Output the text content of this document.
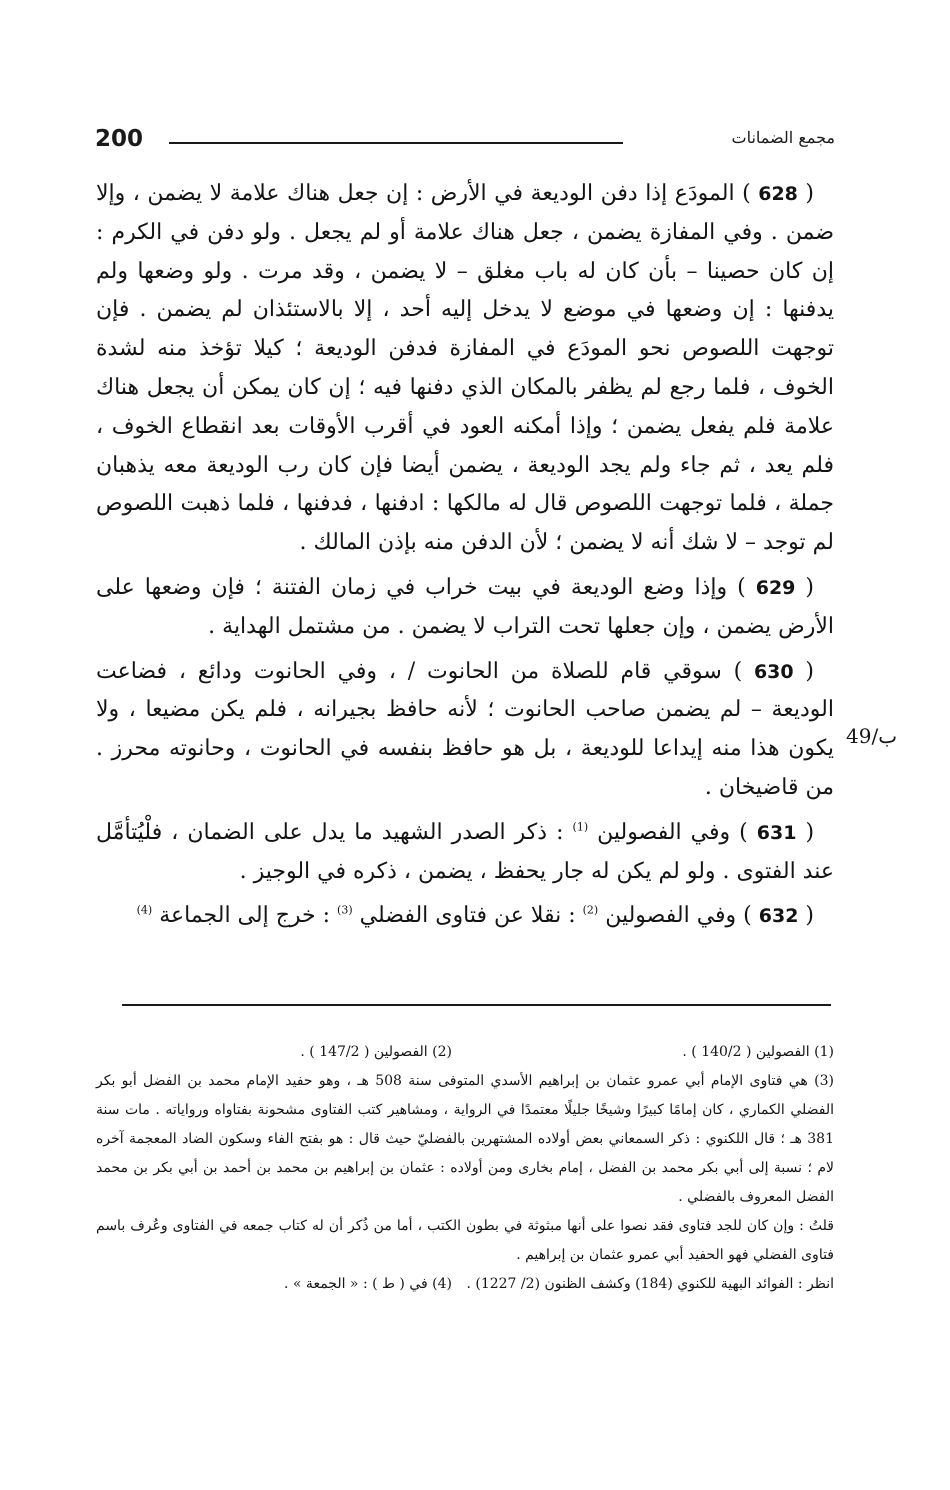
200	مجمع الضمانات

( 628 ) المودَع إذا دفن الوديعة في الأرض : إن جعل هناك علامة لا يضمن ، وإلا ضمن . وفي المفازة يضمن ، جعل هناك علامة أو لم يجعل . ولو دفن في الكرم : إن كان حصينا – بأن كان له باب مغلق – لا يضمن ، وقد مرت . ولو وضعها ولم يدفنها : إن وضعها في موضع لا يدخل إليه أحد ، إلا بالاستئذان لم يضمن . فإن توجهت اللصوص نحو المودَع في المفازة فدفن الوديعة ؛ كيلا تؤخذ منه لشدة الخوف ، فلما رجع لم يظفر بالمكان الذي دفنها فيه ؛ إن كان يمكن أن يجعل هناك علامة فلم يفعل يضمن ؛ وإذا أمكنه العود في أقرب الأوقات بعد انقطاع الخوف ، فلم يعد ، ثم جاء ولم يجد الوديعة ، يضمن أيضا فإن كان رب الوديعة معه يذهبان جملة ، فلما توجهت اللصوص قال له مالكها : ادفنها ، فدفنها ، فلما ذهبت اللصوص لم توجد – لا شك أنه لا يضمن ؛ لأن الدفن منه بإذن المالك .

( 629 ) وإذا وضع الوديعة في بيت خراب في زمان الفتنة ؛ فإن وضعها على الأرض يضمن ، وإن جعلها تحت التراب لا يضمن . من مشتمل الهداية .

( 630 ) سوقي قام للصلاة من الحانوت / ، وفي الحانوت ودائع ، فضاعت الوديعة – لم يضمن صاحب الحانوت ؛ لأنه حافظ بجيرانه ، فلم يكن مضيعا ، ولا يكون هذا منه إيداعا للوديعة ، بل هو حافظ بنفسه في الحانوت ، وحانوته محرز . من قاضيخان .

( 631 ) وفي الفصولين $^{(1)}$ : ذكر الصدر الشهيد ما يدل على الضمان ، فلْيُتأمَّل عند الفتوى . ولو لم يكن له جار يحفظ ، يضمن ، ذكره في الوجيز .

( 632 ) وفي الفصولين $^{(2)}$ : نقلا عن فتاوى الفضلي $^{(3)}$ : خرج إلى الجماعة $^{(4)}$

49/ب
(1) الفصولين ( 140/2 ) .
(2) الفصولين ( 147/2 ) .

(3) هي فتاوى الإمام أبي عمرو عثمان بن إبراهيم الأسدي المتوفى سنة 508 هـ ، وهو حفيد الإمام محمد بن الفضل أبو بكر الفضلي الكماري ، كان إمامًا كبيرًا وشيخًا جليلًا معتمدًا في الرواية ، ومشاهير كتب الفتاوى مشحونة بفتاواه ورواياته . مات سنة 381 هـ ؛ قال اللكنوي : ذكر السمعاني بعض أولاده المشتهرين بالفضليّ حيث قال : هو بفتح الفاء وسكون الضاد المعجمة آخره لام ؛ نسبة إلى أبي بكر محمد بن الفضل ، إمام بخارى ومن أولاده : عثمان بن إبراهيم بن محمد بن أحمد بن أبي بكر بن محمد الفضل المعروف بالفضلي .

قلتُ : وإن كان للجد فتاوى فقد نصوا على أنها مبثوثة في بطون الكتب ، أما من ذُكر أن له كتاب جمعه في الفتاوى وعُرف باسم فتاوى الفضلي فهو الحفيد أبي عمرو عثمان بن إبراهيم .

انظر : الفوائد البهية للكنوي (184) وكشف الظنون (2/ 1227) .
(4) في ( ط ) : « الجمعة » .
